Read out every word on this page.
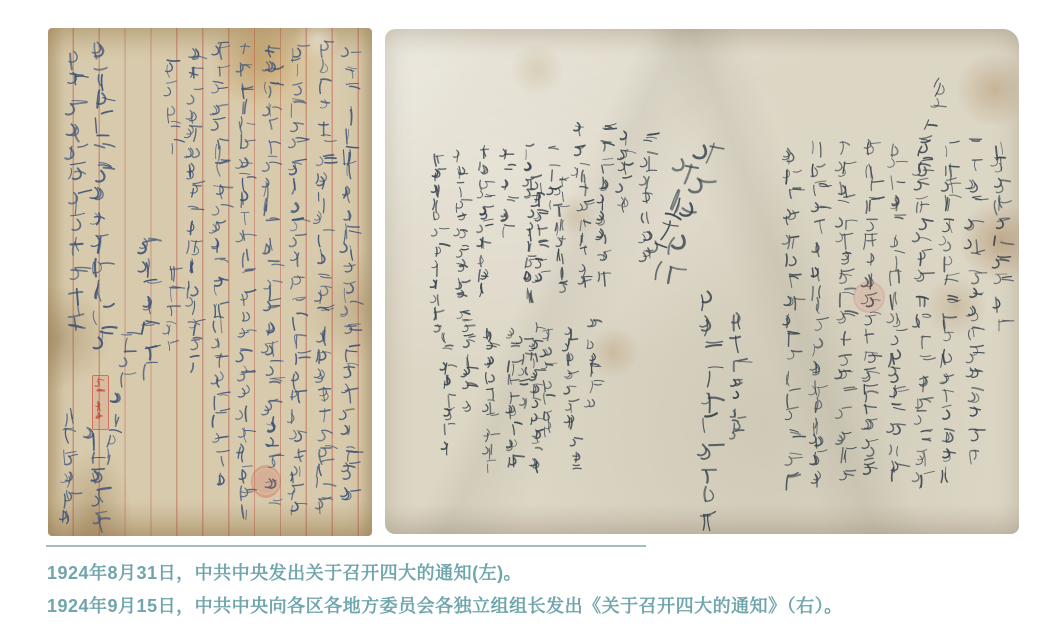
1924年8月31日，中共中央发出关于召开四大的通知(左)。
1924年9月15日，中共中央向各区各地方委员会各独立组组长发出《关于召开四大的通知》（右）。
